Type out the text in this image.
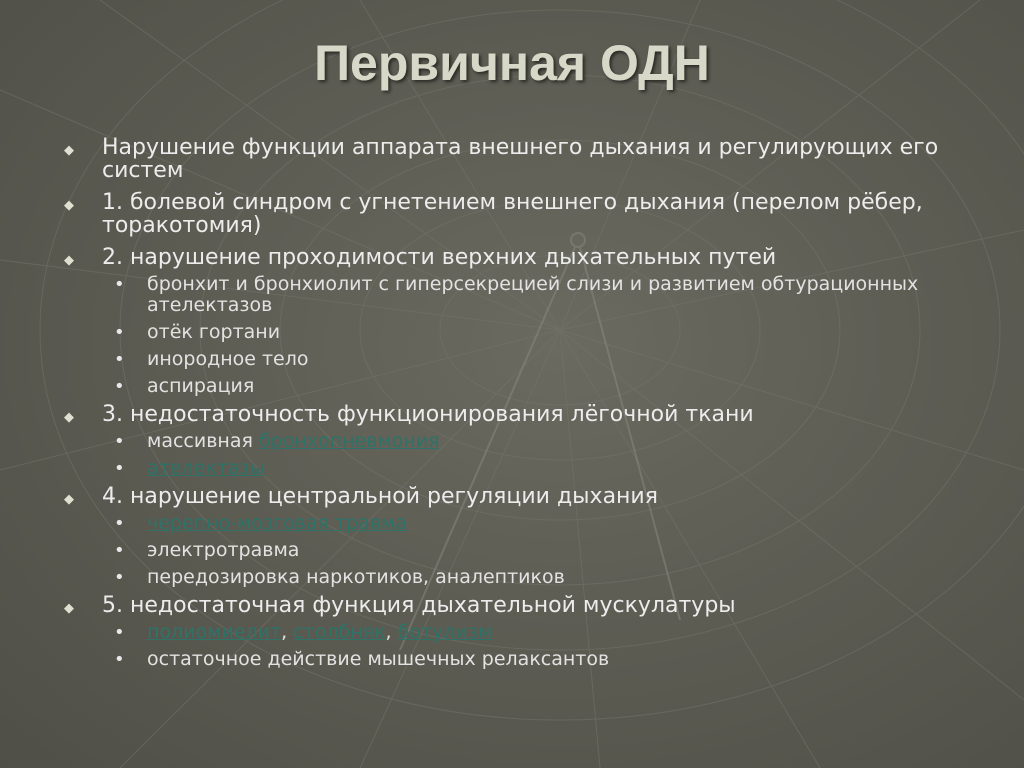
Первичная ОДН
◆ Нарушение функции аппарата внешнего дыхания и регулирующих его систем
◆ 1. болевой синдром с угнетением внешнего дыхания (перелом рёбер, торакотомия)
◆ 2. нарушение проходимости верхних дыхательных путей
• бронхит и бронхиолит с гиперсекрецией слизи и развитием обтурационных ателектазов
• отёк гортани
• инородное тело
• аспирация
◆ 3. недостаточность функционирования лёгочной ткани
• массивная бронхопневмония
• ателектазы
◆ 4. нарушение центральной регуляции дыхания
• черепно-мозговая травма
• электротравма
• передозировка наркотиков, аналептиков
◆ 5. недостаточная функция дыхательной мускулатуры
• полиомиелит, столбняк, ботулизм
• остаточное действие мышечных релаксантов
